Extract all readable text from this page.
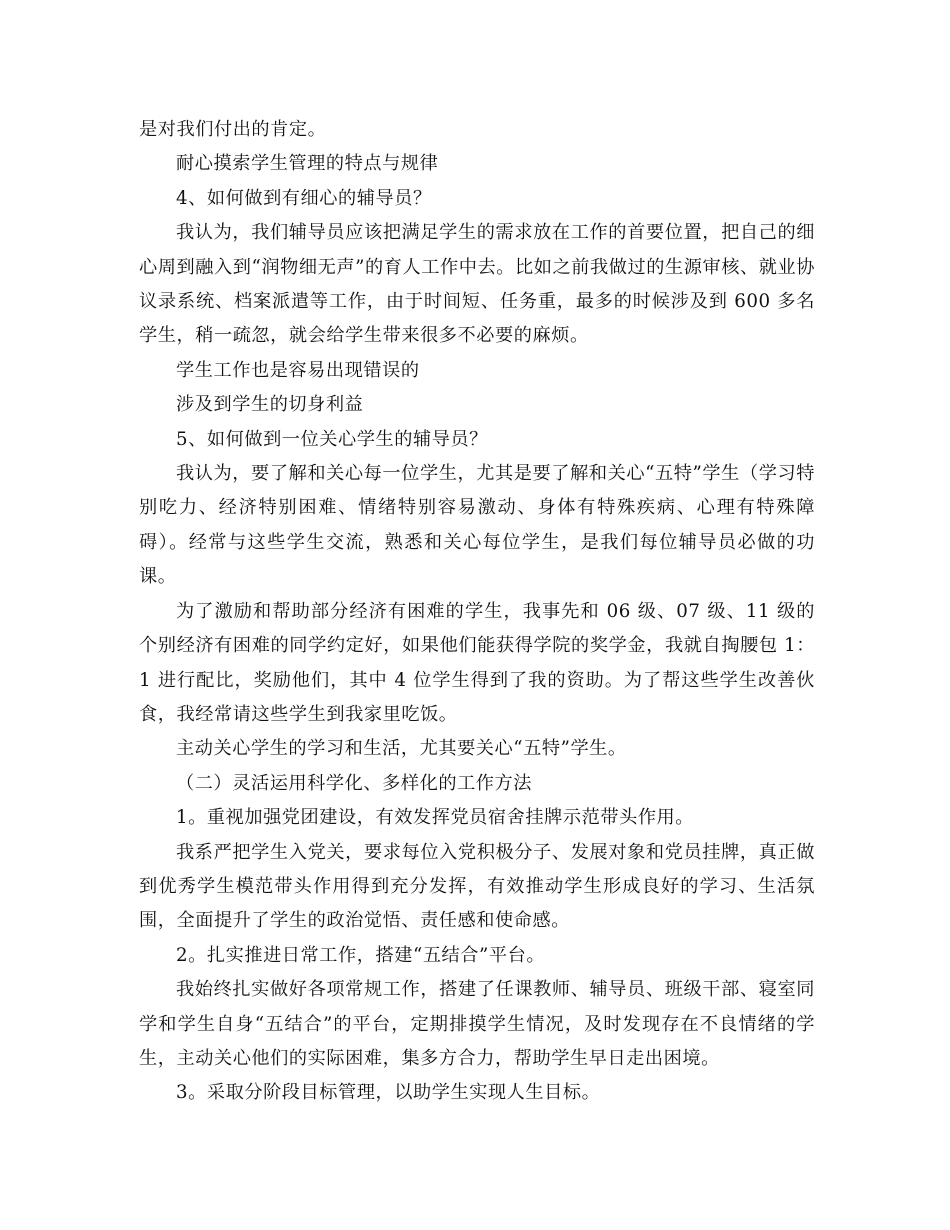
是对我们付出的肯定。

耐心摸索学生管理的特点与规律

4、如何做到有细心的辅导员？

我认为，我们辅导员应该把满足学生的需求放在工作的首要位置，把自己的细心周到融入到“润物细无声”的育人工作中去。比如之前我做过的生源审核、就业协议录系统、档案派遣等工作，由于时间短、任务重，最多的时候涉及到 600 多名学生，稍一疏忽，就会给学生带来很多不必要的麻烦。

学生工作也是容易出现错误的

涉及到学生的切身利益

5、如何做到一位关心学生的辅导员？

我认为，要了解和关心每一位学生，尤其是要了解和关心“五特”学生（学习特别吃力、经济特别困难、情绪特别容易激动、身体有特殊疾病、心理有特殊障碍）。经常与这些学生交流，熟悉和关心每位学生，是我们每位辅导员必做的功课。

为了激励和帮助部分经济有困难的学生，我事先和 06 级、07 级、11 级的个别经济有困难的同学约定好，如果他们能获得学院的奖学金，我就自掏腰包 1：1 进行配比，奖励他们，其中 4 位学生得到了我的资助。为了帮这些学生改善伙食，我经常请这些学生到我家里吃饭。

主动关心学生的学习和生活，尤其要关心“五特”学生。

（二）灵活运用科学化、多样化的工作方法

1。重视加强党团建设，有效发挥党员宿舍挂牌示范带头作用。

我系严把学生入党关，要求每位入党积极分子、发展对象和党员挂牌，真正做到优秀学生模范带头作用得到充分发挥，有效推动学生形成良好的学习、生活氛围，全面提升了学生的政治觉悟、责任感和使命感。

2。扎实推进日常工作，搭建“五结合”平台。

我始终扎实做好各项常规工作，搭建了任课教师、辅导员、班级干部、寝室同学和学生自身“五结合”的平台，定期排摸学生情况，及时发现存在不良情绪的学生，主动关心他们的实际困难，集多方合力，帮助学生早日走出困境。

3。采取分阶段目标管理，以助学生实现人生目标。
